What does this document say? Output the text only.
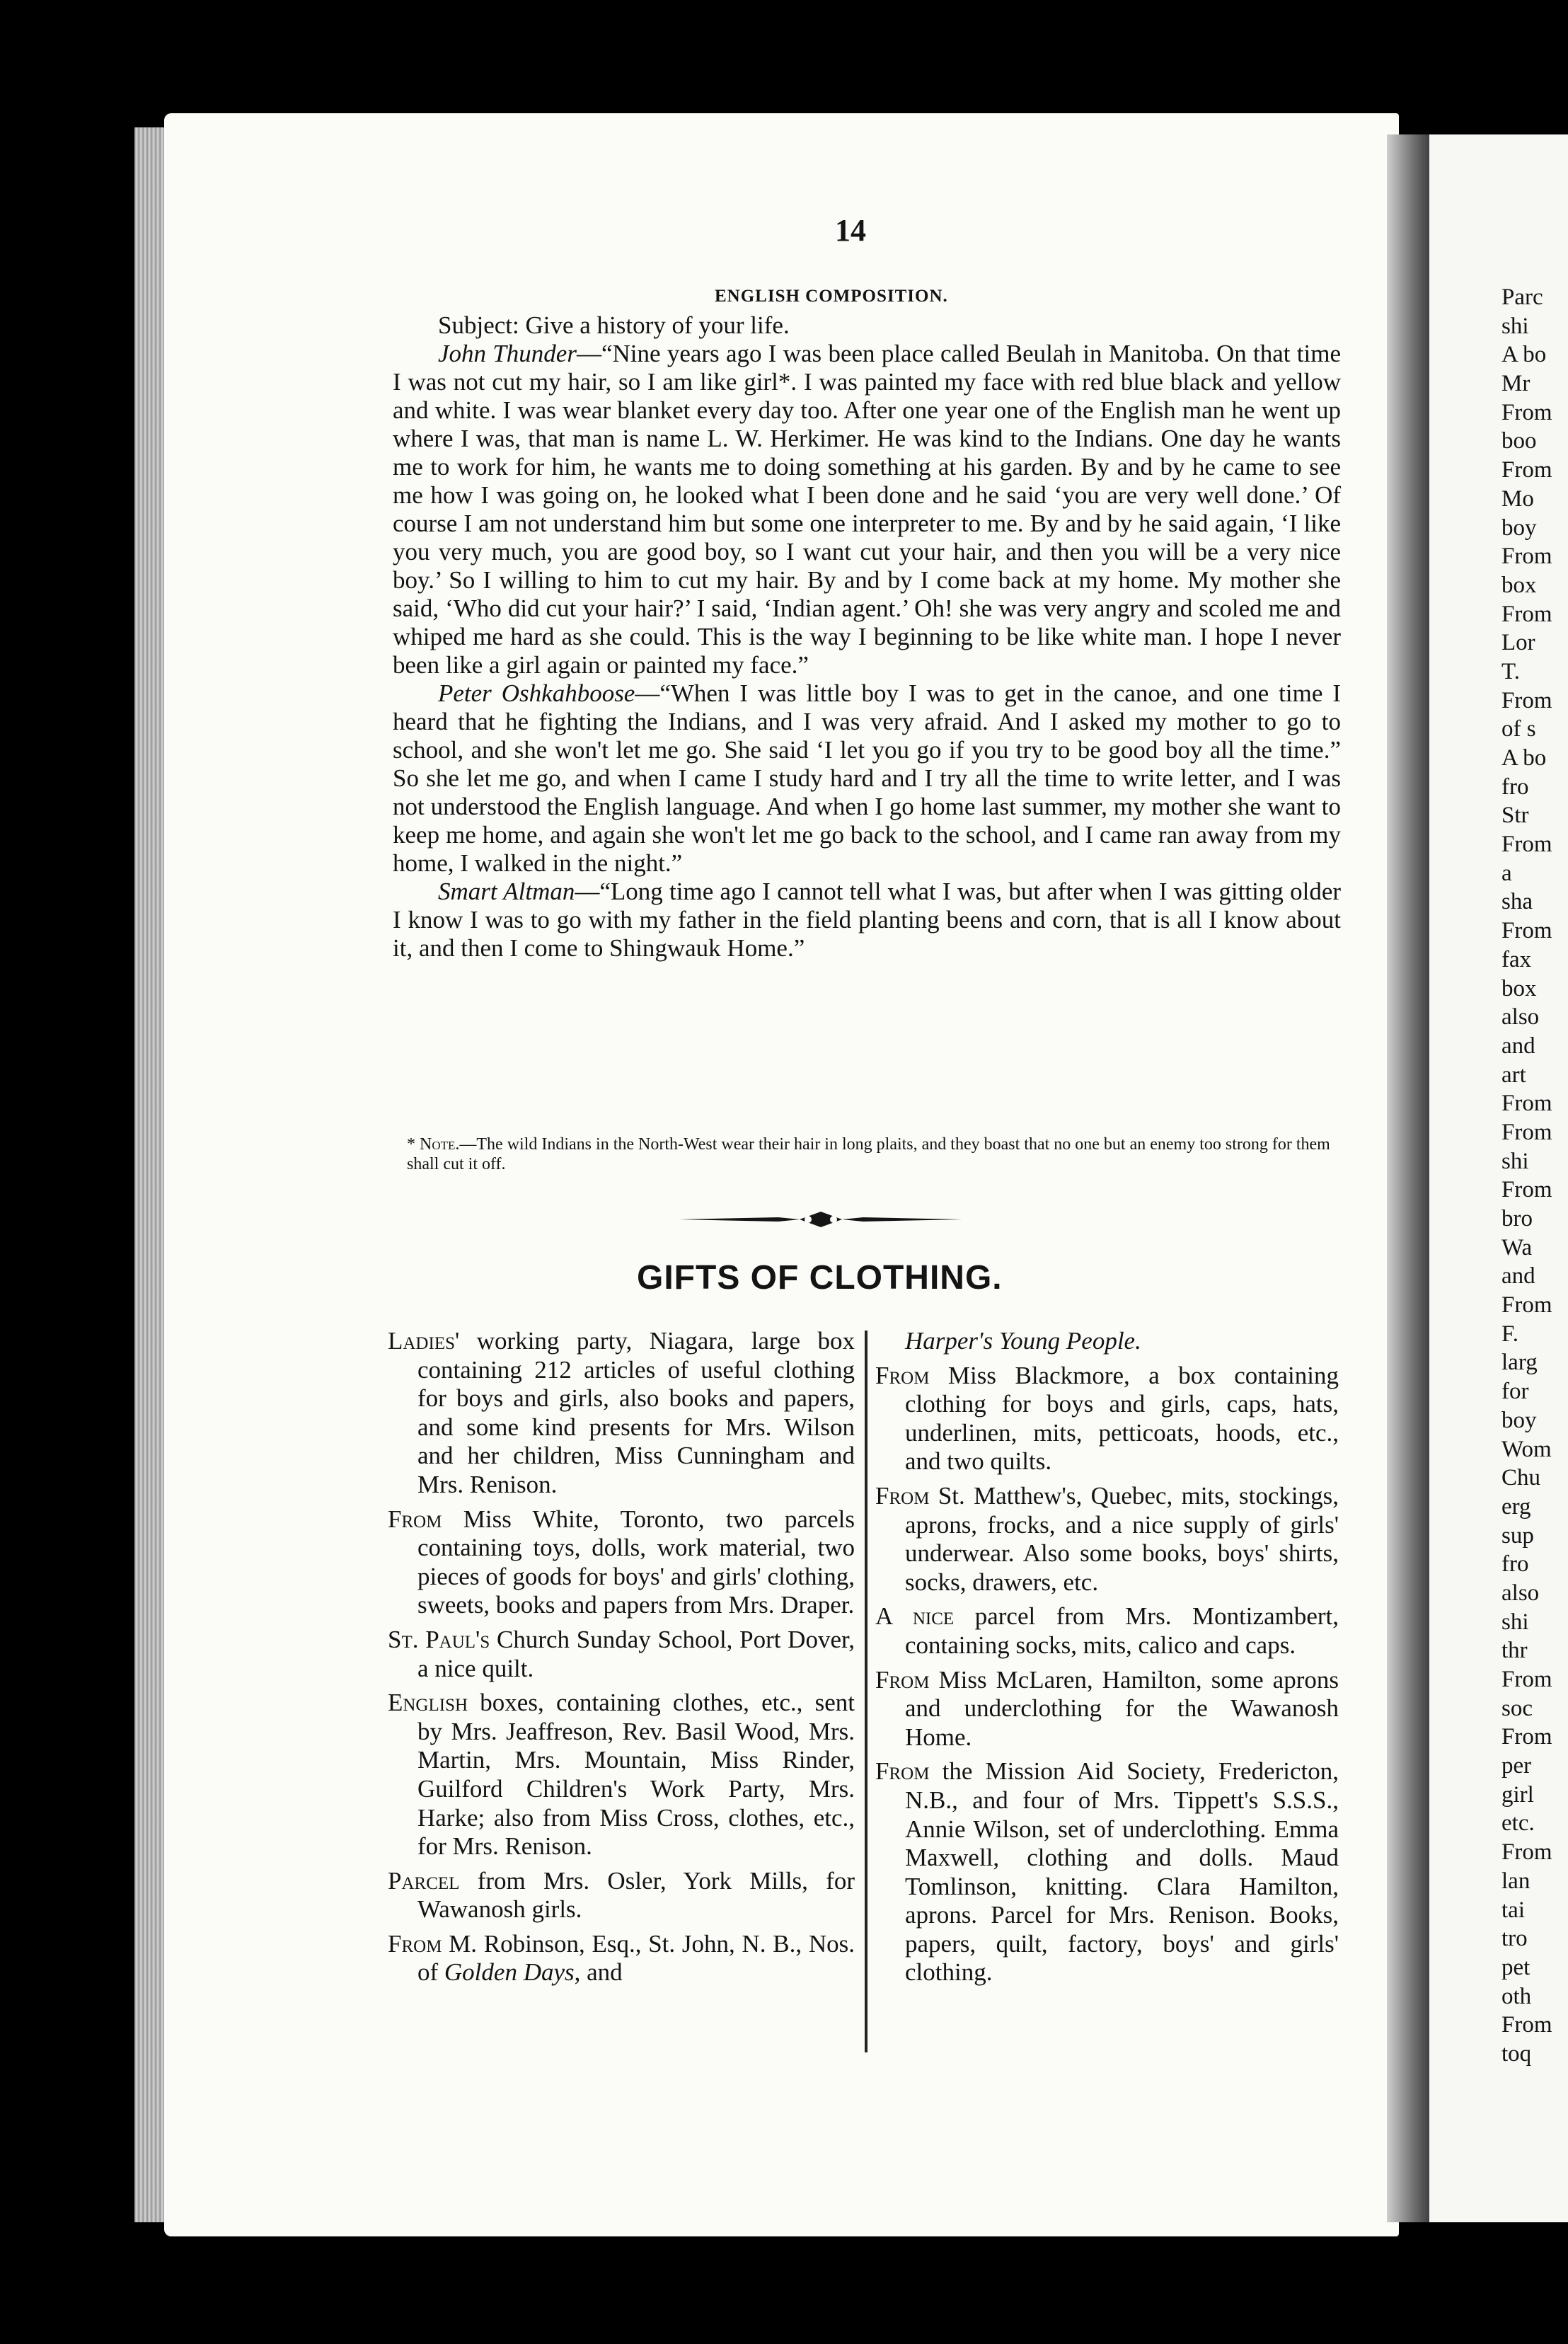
14
ENGLISH COMPOSITION.

Subject: Give a history of your life.

John Thunder—“Nine years ago I was been place called Beulah in Manitoba. On that time I was not cut my hair, so I am like girl*. I was painted my face with red blue black and yellow and white. I was wear blanket every day too. After one year one of the English man he went up where I was, that man is name L. W. Herkimer. He was kind to the Indians. One day he wants me to work for him, he wants me to doing something at his garden. By and by he came to see me how I was going on, he looked what I been done and he said ‘you are very well done.’ Of course I am not understand him but some one interpreter to me. By and by he said again, ‘I like you very much, you are good boy, so I want cut your hair, and then you will be a very nice boy.’ So I willing to him to cut my hair. By and by I come back at my home. My mother she said, ‘Who did cut your hair?’ I said, ‘Indian agent.’ Oh! she was very angry and scoled me and whiped me hard as she could. This is the way I beginning to be like white man. I hope I never been like a girl again or painted my face.”

Peter Oshkahboose—“When I was little boy I was to get in the canoe, and one time I heard that he fighting the Indians, and I was very afraid. And I asked my mother to go to school, and she won't let me go. She said ‘I let you go if you try to be good boy all the time.” So she let me go, and when I came I study hard and I try all the time to write letter, and I was not understood the English language. And when I go home last summer, my mother she want to keep me home, and again she won't let me go back to the school, and I came ran away from my home, I walked in the night.”

Smart Altman—“Long time ago I cannot tell what I was, but after when I was gitting older I know I was to go with my father in the field planting beens and corn, that is all I know about it, and then I come to Shingwauk Home.”

* Note.—The wild Indians in the North-West wear their hair in long plaits, and they boast that no one but an enemy too strong for them shall cut it off.
GIFTS OF CLOTHING.
Ladies' working party, Niagara, large box containing 212 articles of useful clothing for boys and girls, also books and papers, and some kind presents for Mrs. Wilson and her children, Miss Cunningham and Mrs. Renison.
From Miss White, Toronto, two parcels containing toys, dolls, work material, two pieces of goods for boys' and girls' clothing, sweets, books and papers from Mrs. Draper.
St. Paul's Church Sunday School, Port Dover, a nice quilt.
English boxes, containing clothes, etc., sent by Mrs. Jeaffreson, Rev. Basil Wood, Mrs. Martin, Mrs. Mountain, Miss Rinder, Guilford Children's Work Party, Mrs. Harke; also from Miss Cross, clothes, etc., for Mrs. Renison.
Parcel from Mrs. Osler, York Mills, for Wawanosh girls.
From M. Robinson, Esq., St. John, N. B., Nos. of Golden Days, and
Harper's Young People.
From Miss Blackmore, a box containing clothing for boys and girls, caps, hats, underlinen, mits, petticoats, hoods, etc., and two quilts.
From St. Matthew's, Quebec, mits, stockings, aprons, frocks, and a nice supply of girls' underwear. Also some books, boys' shirts, socks, drawers, etc.
A nice parcel from Mrs. Montizambert, containing socks, mits, calico and caps.
From Miss McLaren, Hamilton, some aprons and underclothing for the Wawanosh Home.
From the Mission Aid Society, Fredericton, N.B., and four of Mrs. Tippett's S.S.S., Annie Wilson, set of underclothing. Emma Maxwell, clothing and dolls. Maud Tomlinson, knitting. Clara Hamilton, aprons. Parcel for Mrs. Renison. Books, papers, quilt, factory, boys' and girls' clothing.
Parc
shi
A bo
Mr
From
boo
From
Mo
boy
From
box
From
Lor
T.
From
of s
A bo
fro
Str
From
a
sha
From
fax
box
also
and
art
From
From
shi
From
bro
Wa
and
From
F.
larg
for
boy
Wom
Chu
erg
sup
fro
also
shi
thr
From
soc
From
per
girl
etc.
From
lan
tai
tro
pet
oth
From
toq
